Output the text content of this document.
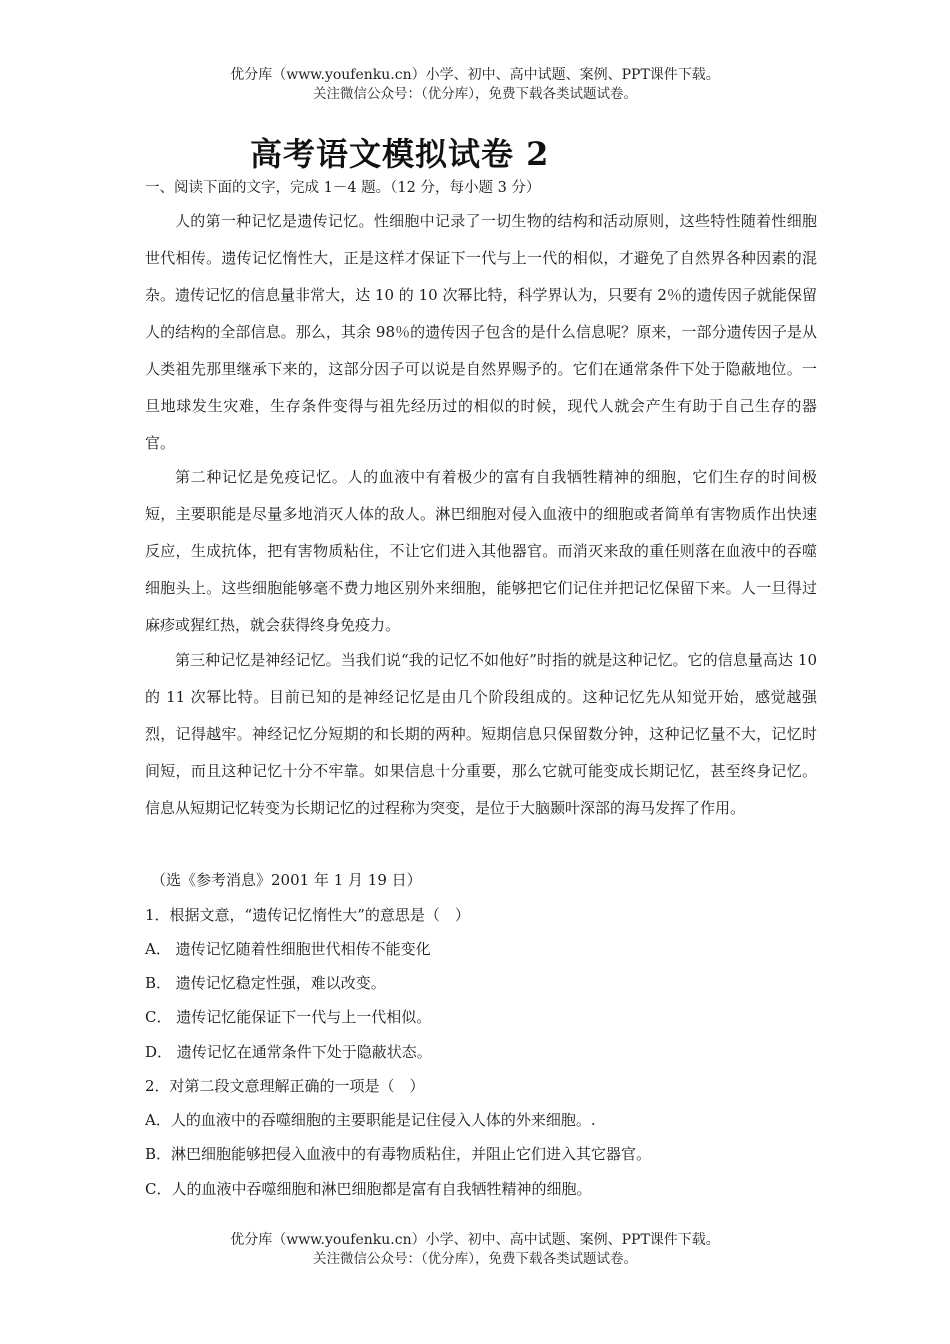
优分库（www.youfenku.cn）小学、初中、高中试题、案例、PPT课件下载。
关注微信公众号：（优分库），免费下载各类试题试卷。
高考语文模拟试卷 2
一、阅读下面的文字，完成 1－4 题。（12 分，每小题 3 分）

人的第一种记忆是遗传记忆。性细胞中记录了一切生物的结构和活动原则，这些特性随着性细胞世代相传。遗传记忆惰性大，正是这样才保证下一代与上一代的相似，才避免了自然界各种因素的混杂。遗传记忆的信息量非常大，达 10 的 10 次幂比特，科学界认为，只要有 2％的遗传因子就能保留人的结构的全部信息。那么，其余 98％的遗传因子包含的是什么信息呢？原来，一部分遗传因子是从人类祖先那里继承下来的，这部分因子可以说是自然界赐予的。它们在通常条件下处于隐蔽地位。一旦地球发生灾难，生存条件变得与祖先经历过的相似的时候，现代人就会产生有助于自己生存的器官。

第二种记忆是免疫记忆。人的血液中有着极少的富有自我牺牲精神的细胞，它们生存的时间极短，主要职能是尽量多地消灭人体的敌人。淋巴细胞对侵入血液中的细胞或者简单有害物质作出快速反应，生成抗体，把有害物质粘住，不让它们进入其他器官。而消灭来敌的重任则落在血液中的吞噬细胞头上。这些细胞能够毫不费力地区别外来细胞，能够把它们记住并把记忆保留下来。人一旦得过麻疹或猩红热，就会获得终身免疫力。

第三种记忆是神经记忆。当我们说“我的记忆不如他好”时指的就是这种记忆。它的信息量高达 10 的 11 次幂比特。目前已知的是神经记忆是由几个阶段组成的。这种记忆先从知觉开始，感觉越强烈，记得越牢。神经记忆分短期的和长期的两种。短期信息只保留数分钟，这种记忆量不大，记忆时间短，而且这种记忆十分不牢靠。如果信息十分重要，那么它就可能变成长期记忆，甚至终身记忆。信息从短期记忆转变为长期记忆的过程称为突变，是位于大脑颞叶深部的海马发挥了作用。

（选《参考消息》2001 年 1 月 19 日）
1．根据文意，“遗传记忆惰性大”的意思是（　）
A． 遗传记忆随着性细胞世代相传不能变化
B． 遗传记忆稳定性强，难以改变。
C． 遗传记忆能保证下一代与上一代相似。
D． 遗传记忆在通常条件下处于隐蔽状态。
2．对第二段文意理解正确的一项是（　）
A．人的血液中的吞噬细胞的主要职能是记住侵入人体的外来细胞。.
B．淋巴细胞能够把侵入血液中的有毒物质粘住，并阻止它们进入其它器官。
C．人的血液中吞噬细胞和淋巴细胞都是富有自我牺牲精神的细胞。
优分库（www.youfenku.cn）小学、初中、高中试题、案例、PPT课件下载。
关注微信公众号：（优分库），免费下载各类试题试卷。
